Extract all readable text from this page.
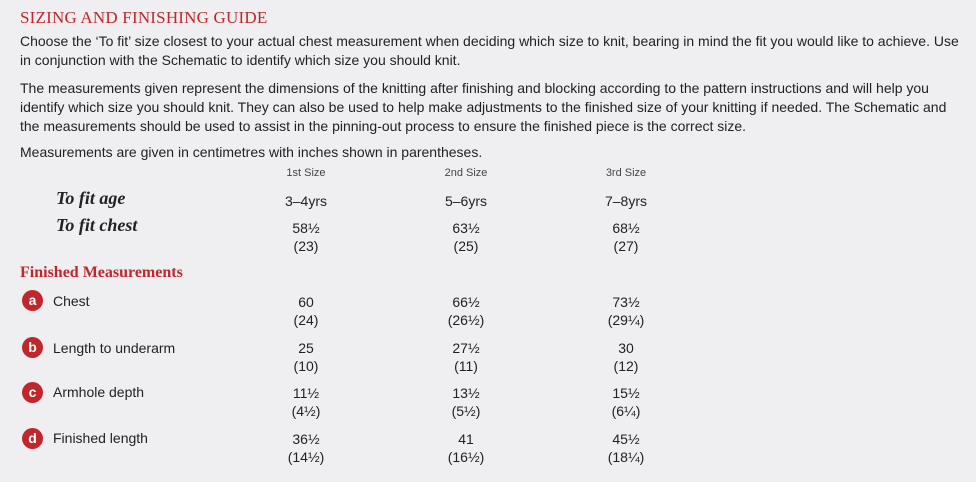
SIZING AND FINISHING GUIDE
Choose the ‘To fit’ size closest to your actual chest measurement when deciding which size to knit, bearing in mind the fit you would like to achieve. Use in conjunction with the Schematic to identify which size you should knit.
The measurements given represent the dimensions of the knitting after finishing and blocking according to the pattern instructions and will help you identify which size you should knit. They can also be used to help make adjustments to the finished size of your knitting if needed. The Schematic and the measurements should be used to assist in the pinning-out process to ensure the finished piece is the correct size.
Measurements are given in centimetres with inches shown in parentheses.
1st Size	2nd Size	3rd Size
To fit age	3–4yrs	5–6yrs	7–8yrs
To fit chest	58½	63½	68½
(23)	(25)	(27)
Finished Measurements
a	Chest	60	66½	73½
(24)	(26½)	(29¼)
b	Length to underarm	25	27½	30
(10)	(11)	(12)
c	Armhole depth	11½	13½	15½
(4½)	(5½)	(6¼)
d	Finished length	36½	41	45½
(14½)	(16½)	(18¼)
